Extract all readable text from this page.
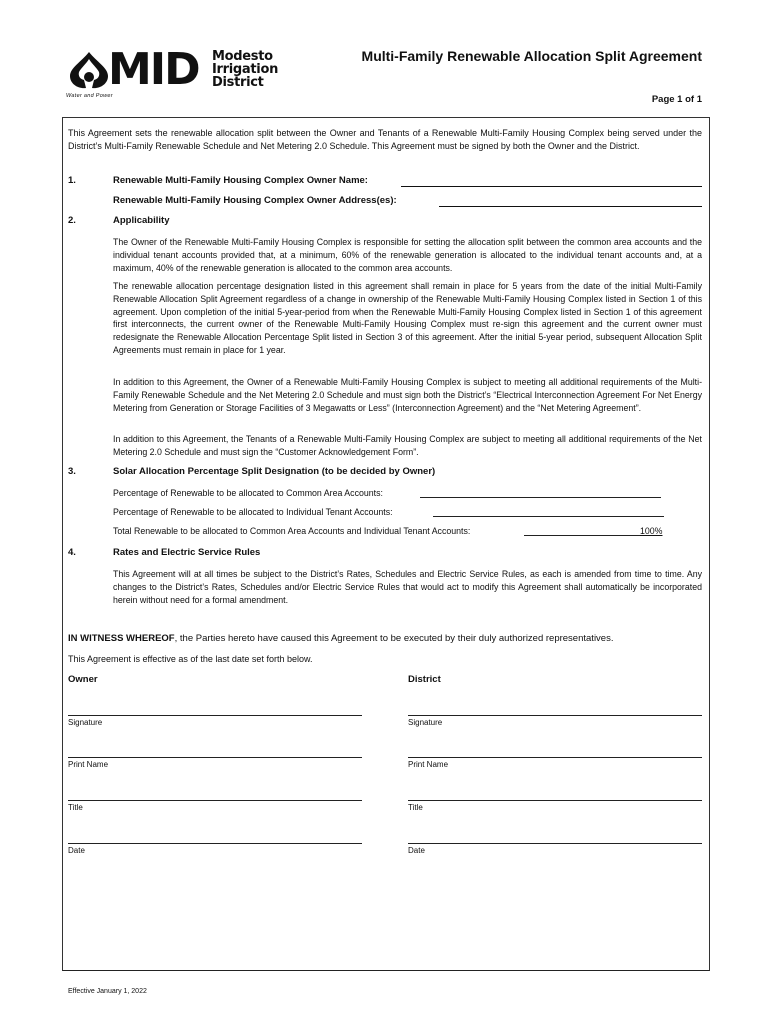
MID Modesto
Irrigation
District
Water and Power
Multi-Family Renewable Allocation Split Agreement
Page 1 of 1
This Agreement sets the renewable allocation split between the Owner and Tenants of a Renewable Multi-Family Housing Complex being served under the District’s Multi-Family Renewable Schedule and Net Metering 2.0 Schedule. This Agreement must be signed by both the Owner and the District.
1.	Renewable Multi-Family Housing Complex Owner Name:
Renewable Multi-Family Housing Complex Owner Address(es):
2.	Applicability
The Owner of the Renewable Multi-Family Housing Complex is responsible for setting the allocation split between the common area accounts and the individual tenant accounts provided that, at a minimum, 60% of the renewable generation is allocated to the individual tenant accounts and, at a maximum, 40% of the renewable generation is allocated to the common area accounts.
The renewable allocation percentage designation listed in this agreement shall remain in place for 5 years from the date of the initial Multi-Family Renewable Allocation Split Agreement regardless of a change in ownership of the Renewable Multi-Family Housing Complex listed in Section 1 of this agreement. Upon completion of the initial 5-year-period from when the Renewable Multi-Family Housing Complex listed in Section 1 of this agreement first interconnects, the current owner of the Renewable Multi-Family Housing Complex must re-sign this agreement and the current owner must redesignate the Renewable Allocation Percentage Split listed in Section 3 of this agreement. After the initial 5-year period, subsequent Allocation Split Agreements must remain in place for 1 year.
In addition to this Agreement, the Owner of a Renewable Multi-Family Housing Complex is subject to meeting all additional requirements of the Multi-Family Renewable Schedule and the Net Metering 2.0 Schedule and must sign both the District’s “Electrical Interconnection Agreement For Net Energy Metering from Generation or Storage Facilities of 3 Megawatts or Less” (Interconnection Agreement) and the “Net Metering Agreement”.
In addition to this Agreement, the Tenants of a Renewable Multi-Family Housing Complex are subject to meeting all additional requirements of the Net Metering 2.0 Schedule and must sign the “Customer Acknowledgement Form”.
3.	Solar Allocation Percentage Split Designation (to be decided by Owner)
Percentage of Renewable to be allocated to Common Area Accounts:
Percentage of Renewable to be allocated to Individual Tenant Accounts:
Total Renewable to be allocated to Common Area Accounts and Individual Tenant Accounts:	100%
4.	Rates and Electric Service Rules
This Agreement will at all times be subject to the District’s Rates, Schedules and Electric Service Rules, as each is amended from time to time. Any changes to the District’s Rates, Schedules and/or Electric Service Rules that would act to modify this Agreement shall automatically be incorporated herein without need for a formal amendment.
IN WITNESS WHEREOF, the Parties hereto have caused this Agreement to be executed by their duly authorized representatives.
This Agreement is effective as of the last date set forth below.
Owner	District
Signature	Signature
Print Name	Print Name
Title	Title
Date	Date
Effective January 1, 2022
